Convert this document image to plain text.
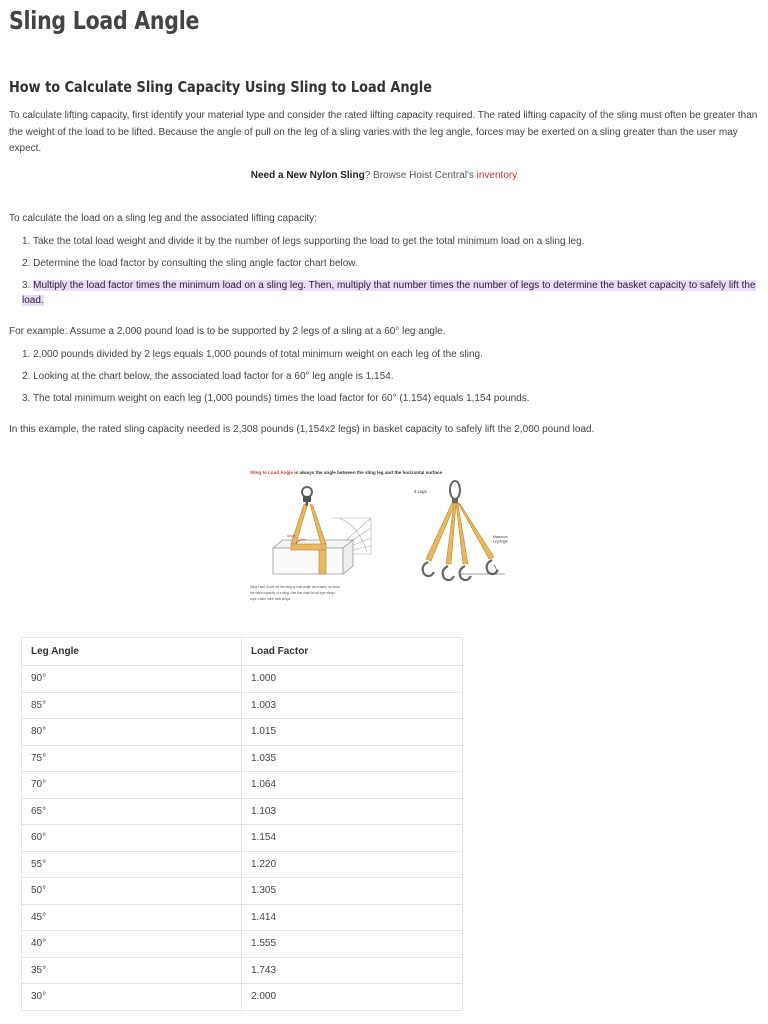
Sling Load Angle
How to Calculate Sling Capacity Using Sling to Load Angle

To calculate lifting capacity, first identify your material type and consider the rated lifting capacity required. The rated lifting capacity of the sling must often be greater than the weight of the load to be lifted. Because the angle of pull on the leg of a sling varies with the leg angle, forces may be exerted on a sling greater than the user may expect.

Need a New Nylon Sling? Browse Hoist Central's inventory

To calculate the load on a sling leg and the associated lifting capacity:

1. Take the total load weight and divide it by the number of legs supporting the load to get the total minimum load on a sling leg.
2. Determine the load factor by consulting the sling angle factor chart below.
3. Multiply the load factor times the minimum load on a sling leg. Then, multiply that number times the number of legs to determine the basket capacity to safely lift the load.

For example: Assume a 2,000 pound load is to be supported by 2 legs of a sling at a 60° leg angle.

1. 2,000 pounds divided by 2 legs equals 1,000 pounds of total minimum weight on each leg of the sling.
2. Looking at the chart below, the associated load factor for a 60° leg angle is 1.154.
3. The total minimum weight on each leg (1,000 pounds) times the load factor for 60° (1.154) equals 1,154 pounds.

In this example, the rated sling capacity needed is 2,308 pounds (1,154x2 legs) in basket capacity to safely lift the 2,000 pound load.

Sling to Load Angle is always the angle between the sling leg and the horizontal surface
Angle
Sling Load Chart: As the sling to load angle decreases, so does
the rated capacity of a sling. Use this chart for all type slings:
rope, chain, wire, web slings.
4 Legs
Maximum Leg Angle
Leg Angle	Load Factor
90°	1.000
85°	1.003
80°	1.015
75°	1.035
70°	1.064
65°	1.103
60°	1.154
55°	1.220
50°	1.305
45°	1.414
40°	1.555
35°	1.743
30°	2.000
